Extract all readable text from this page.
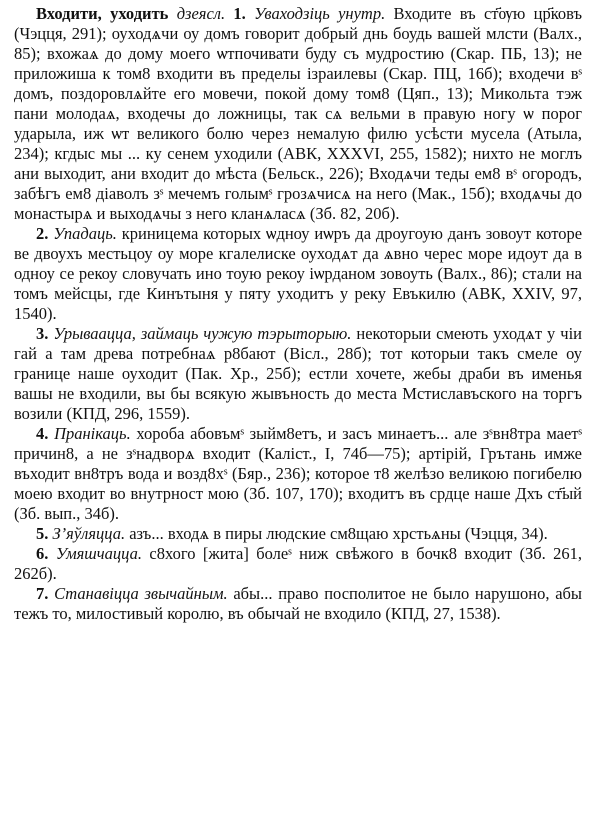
Входити, уходить дзеясл. 1. Уваходзіць унутр. Входите въ ст҃ѹю цр҃ковъ (Чэцця, 291); оуходѧчи оу домъ говорит добрый днь боудь вашей млсти (Валх., 85); вхожаѧ до дому моего ѡтпочивати буду съ мудростию (Скар. ПБ, 13); не приложиша к том8 входити въ пределы ізраилевы (Скар. ПЦ, 16б); входечи вˢ домъ, поздоровлѧйте его мовечи, покой дому том8 (Цяп., 13); Микольта тэж пани молодаѧ, входечы до ложницы, так сѧ вельми в правую ногу ѡ порог ударыла, иж ѡт великого болю через немалую филю усѣсти мусела (Атыла, 234); кгдыс мы ... ку сенем уходили (АВК, XXXVI, 255, 1582); нихто не моглъ ани выходит, ани входит до мѣста (Бельск., 226); Входѧчи теды ем8 вˢ огородъ, забѣгъ ем8 діаволъ зˢ мечемъ голымˢ грозѧчисѧ на него (Мак., 15б); входѧчы до монастырѧ и выходѧчы з него кланѧласѧ (Зб. 82, 20б).

2. Упадаць. криницема которых ѡдноу иѡръ да дроугоую данъ зовоут которе ве двоухъ местьцоу оу море кгалелиске оуходѧт да ѧвно черес море идоут да в одноу се рекоу словучать ино тоую рекоу іѡрданом зовоуть (Валх., 86); стали на томъ мейсцы, где Кинътыня у пяту уходитъ у реку Евъкилю (АВК, XXIV, 97, 1540).

3. Урываацца, займаць чужую тэрыторыю. некоторыи смеють уходѧт у чіи гай а там древа потребнаѧ р8бают (Вісл., 28б); тот которыи такъ смеле оу границе наше оуходит (Пак. Хр., 25б); естли хочете, жебы драби въ именья вашы не входили, вы бы всякую жывъность до места Мстиславъского на торгъ возили (КПД, 296, 1559).

4. Пранікаць. хороба абовъмˢ зыйм8етъ, и засъ минаетъ... але зˢвн8тра маетˢ причин8, а не зˢнадворѧ входит (Каліст., І, 74б—75); артірій, Грътань имже въходит вн8тръ вода и возд8хˢ (Бяр., 236); которое т8 желѣзо великою погибелю моею входит во внутрност мою (Зб. 107, 170); входитъ въ срдце наше Дхъ ст҃ый (Зб. вып., 34б).

5. З’яўляцца. азъ... входѧ в пиры людские см8щаю хрстьѧны (Чэцця, 34).

6. Умяшчацца. с8хого [жита] болеˢ ниж свѣжого в бочк8 входит (Зб. 261, 262б).

7. Станавіцца звычайным. абы... право посполитое не было нарушоно, абы тежъ то, милостивый королю, въ обычай не входило (КПД, 27, 1538).
